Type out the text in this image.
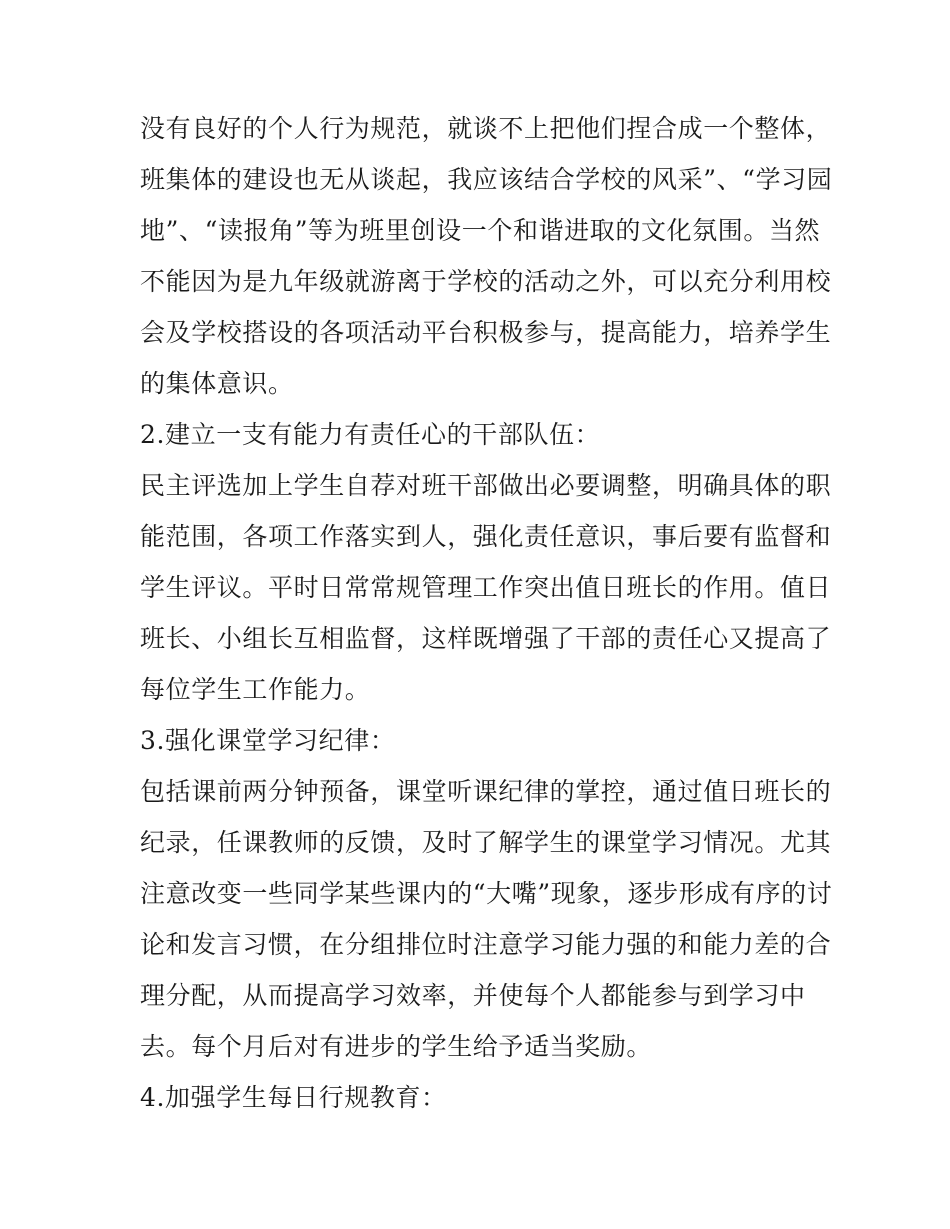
没有良好的个人行为规范，就谈不上把他们捏合成一个整体，
班集体的建设也无从谈起，我应该结合学校的风采”、“学习园
地”、“读报角”等为班里创设一个和谐进取的文化氛围。当然
不能因为是九年级就游离于学校的活动之外，可以充分利用校
会及学校搭设的各项活动平台积极参与，提高能力，培养学生
的集体意识。
2.建立一支有能力有责任心的干部队伍：
民主评选加上学生自荐对班干部做出必要调整，明确具体的职
能范围，各项工作落实到人，强化责任意识，事后要有监督和
学生评议。平时日常常规管理工作突出值日班长的作用。值日
班长、小组长互相监督，这样既增强了干部的责任心又提高了
每位学生工作能力。
3.强化课堂学习纪律：
包括课前两分钟预备，课堂听课纪律的掌控，通过值日班长的
纪录，任课教师的反馈，及时了解学生的课堂学习情况。尤其
注意改变一些同学某些课内的“大嘴”现象，逐步形成有序的讨
论和发言习惯，在分组排位时注意学习能力强的和能力差的合
理分配，从而提高学习效率，并使每个人都能参与到学习中
去。每个月后对有进步的学生给予适当奖励。
4.加强学生每日行规教育：
